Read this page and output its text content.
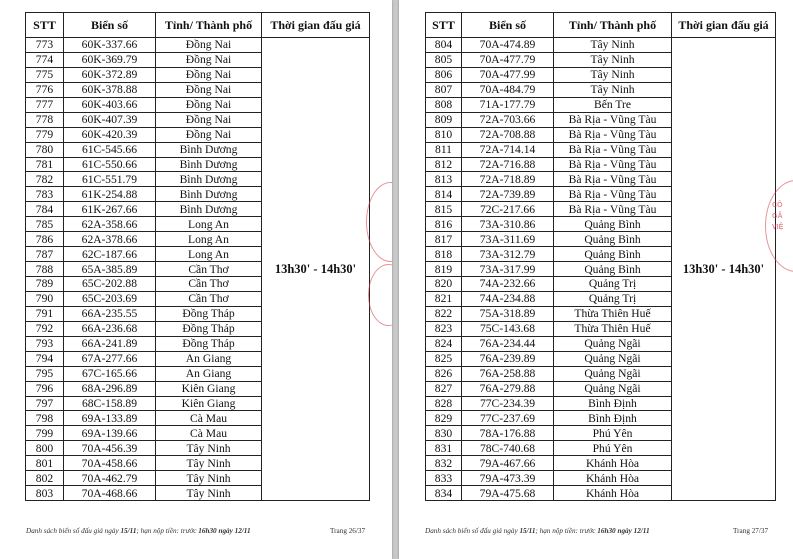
STT	Biển số	Tỉnh/ Thành phố	Thời gian đấu giá
773	60K-337.66	Đồng Nai	13h30' - 14h30'
774	60K-369.79	Đồng Nai	
775	60K-372.89	Đồng Nai	
776	60K-378.88	Đồng Nai	
777	60K-403.66	Đồng Nai	
778	60K-407.39	Đồng Nai	
779	60K-420.39	Đồng Nai	
780	61C-545.66	Bình Dương	
781	61C-550.66	Bình Dương	
782	61C-551.79	Bình Dương	
783	61K-254.88	Bình Dương	
784	61K-267.66	Bình Dương	
785	62A-358.66	Long An	
786	62A-378.66	Long An	
787	62C-187.66	Long An	
788	65A-385.89	Cần Thơ	
789	65C-202.88	Cần Thơ	
790	65C-203.69	Cần Thơ	
791	66A-235.55	Đồng Tháp	
792	66A-236.68	Đồng Tháp	
793	66A-241.89	Đồng Tháp	
794	67A-277.66	An Giang	
795	67C-165.66	An Giang	
796	68A-296.89	Kiên Giang	
797	68C-158.89	Kiên Giang	
798	69A-133.89	Cà Mau	
799	69A-139.66	Cà Mau	
800	70A-456.39	Tây Ninh	
801	70A-458.66	Tây Ninh	
802	70A-462.79	Tây Ninh	
803	70A-468.66	Tây Ninh	
Danh sách biển số đấu giá ngày 15/11; hạn nộp tiền: trước 16h30 ngày 12/11	Trang 26/37
STT	Biển số	Tỉnh/ Thành phố	Thời gian đấu giá
804	70A-474.89	Tây Ninh	13h30' - 14h30'
805	70A-477.79	Tây Ninh	
806	70A-477.99	Tây Ninh	
807	70A-484.79	Tây Ninh	
808	71A-177.79	Bến Tre	
809	72A-703.66	Bà Rịa - Vũng Tàu	
810	72A-708.88	Bà Rịa - Vũng Tàu	
811	72A-714.14	Bà Rịa - Vũng Tàu	
812	72A-716.88	Bà Rịa - Vũng Tàu	
813	72A-718.89	Bà Rịa - Vũng Tàu	
814	72A-739.89	Bà Rịa - Vũng Tàu	
815	72C-217.66	Bà Rịa - Vũng Tàu	
816	73A-310.86	Quảng Bình	
817	73A-311.69	Quảng Bình	
818	73A-312.79	Quảng Bình	
819	73A-317.99	Quảng Bình	
820	74A-232.66	Quảng Trị	
821	74A-234.88	Quảng Trị	
822	75A-318.89	Thừa Thiên Huế	
823	75C-143.68	Thừa Thiên Huế	
824	76A-234.44	Quảng Ngãi	
825	76A-239.89	Quảng Ngãi	
826	76A-258.88	Quảng Ngãi	
827	76A-279.88	Quảng Ngãi	
828	77C-234.39	Bình Định	
829	77C-237.69	Bình Định	
830	78A-176.88	Phú Yên	
831	78C-740.68	Phú Yên	
832	79A-467.66	Khánh Hòa	
833	79A-473.39	Khánh Hòa	
834	79A-475.68	Khánh Hòa	
Danh sách biển số đấu giá ngày 15/11; hạn nộp tiền: trước 16h30 ngày 12/11	Trang 27/37
CÔ
GÂ
VIỆ
